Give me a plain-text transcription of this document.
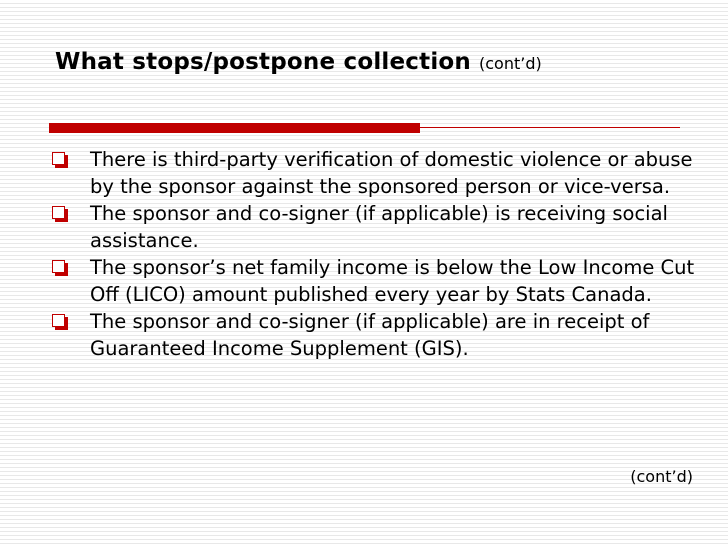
What stops/postpone collection (cont’d)
There is third-party verification of domestic violence or abuse by the sponsor against the sponsored person or vice-versa.
The sponsor and co-signer (if applicable) is receiving social assistance.
The sponsor’s net family income is below the Low Income Cut Off (LICO) amount published every year by Stats Canada.
The sponsor and co-signer (if applicable) are in receipt of Guaranteed Income Supplement (GIS).
(cont’d)
